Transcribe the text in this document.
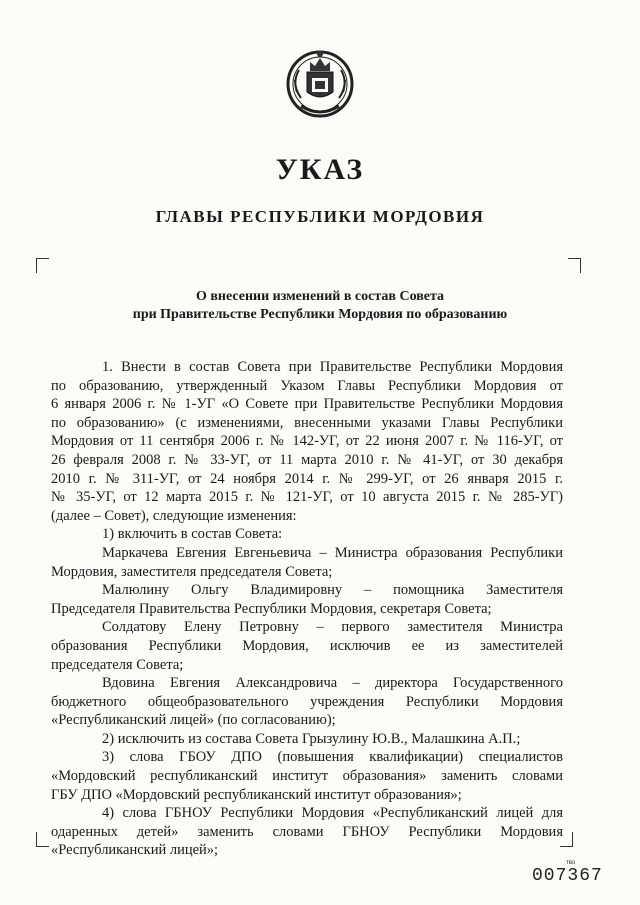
УКАЗ
ГЛАВЫ РЕСПУБЛИКИ МОРДОВИЯ
О внесении изменений в состав Совета
при Правительстве Республики Мордовия по образованию
1. Внести в состав Совета при Правительстве Республики Мордовия
по образованию, утвержденный Указом Главы Республики Мордовия от
6 января 2006 г. № 1-УГ «О Совете при Правительстве Республики Мордовия
по образованию» (с изменениями, внесенными указами Главы Республики
Мордовия от 11 сентября 2006 г. № 142-УГ, от 22 июня 2007 г. № 116-УГ, от
26 февраля 2008 г. № 33-УГ, от 11 марта 2010 г. № 41-УГ, от 30 декабря
2010 г. № 311-УГ, от 24 ноября 2014 г. № 299-УГ, от 26 января 2015 г.
№ 35-УГ, от 12 марта 2015 г. № 121-УГ, от 10 августа 2015 г. № 285-УГ)
(далее – Совет), следующие изменения:
1) включить в состав Совета:
Маркачева Евгения Евгеньевича – Министра образования Республики
Мордовия, заместителя председателя Совета;
Малюлину Ольгу Владимировну – помощника Заместителя
Председателя Правительства Республики Мордовия, секретаря Совета;
Солдатову Елену Петровну – первого заместителя Министра
образования Республики Мордовия, исключив ее из заместителей
председателя Совета;
Вдовина Евгения Александровича – директора Государственного
бюджетного общеобразовательного учреждения Республики Мордовия
«Республиканский лицей» (по согласованию);
2) исключить из состава Совета Грызулину Ю.В., Малашкина А.П.;
3) слова ГБОУ ДПО (повышения квалификации) специалистов
«Мордовский республиканский институт образования» заменить словами
ГБУ ДПО «Мордовский республиканский институт образования»;
4) слова ГБНОУ Республики Мордовия «Республиканский лицей для
одаренных детей» заменить словами ГБНОУ Республики Мордовия
«Республиканский лицей»;
тво
007367
